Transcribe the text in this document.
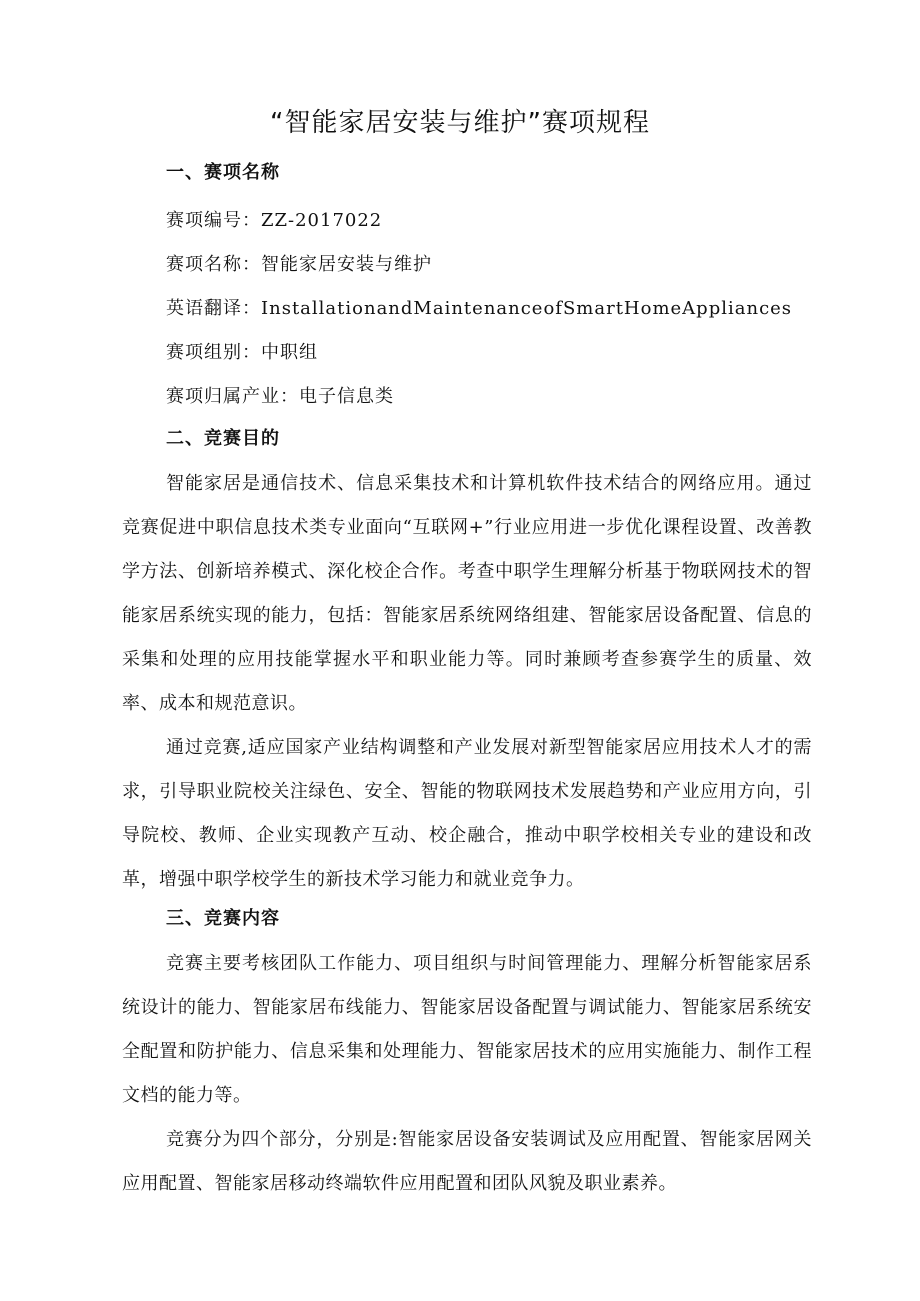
“智能家居安装与维护”赛项规程
一、赛项名称
赛项编号：ZZ-2017022
赛项名称：智能家居安装与维护
英语翻译：InstallationandMaintenanceofSmartHomeAppliances
赛项组别：中职组
赛项归属产业：电子信息类
二、竞赛目的
智能家居是通信技术、信息采集技术和计算机软件技术结合的网络应用。通过竞赛促进中职信息技术类专业面向“互联网+”行业应用进一步优化课程设置、改善教学方法、创新培养模式、深化校企合作。考查中职学生理解分析基于物联网技术的智能家居系统实现的能力，包括：智能家居系统网络组建、智能家居设备配置、信息的采集和处理的应用技能掌握水平和职业能力等。同时兼顾考查参赛学生的质量、效率、成本和规范意识。
通过竞赛,适应国家产业结构调整和产业发展对新型智能家居应用技术人才的需求，引导职业院校关注绿色、安全、智能的物联网技术发展趋势和产业应用方向，引导院校、教师、企业实现教产互动、校企融合，推动中职学校相关专业的建设和改革，增强中职学校学生的新技术学习能力和就业竞争力。
三、竞赛内容
竞赛主要考核团队工作能力、项目组织与时间管理能力、理解分析智能家居系统设计的能力、智能家居布线能力、智能家居设备配置与调试能力、智能家居系统安全配置和防护能力、信息采集和处理能力、智能家居技术的应用实施能力、制作工程文档的能力等。
竞赛分为四个部分，分别是:智能家居设备安装调试及应用配置、智能家居网关应用配置、智能家居移动终端软件应用配置和团队风貌及职业素养。
